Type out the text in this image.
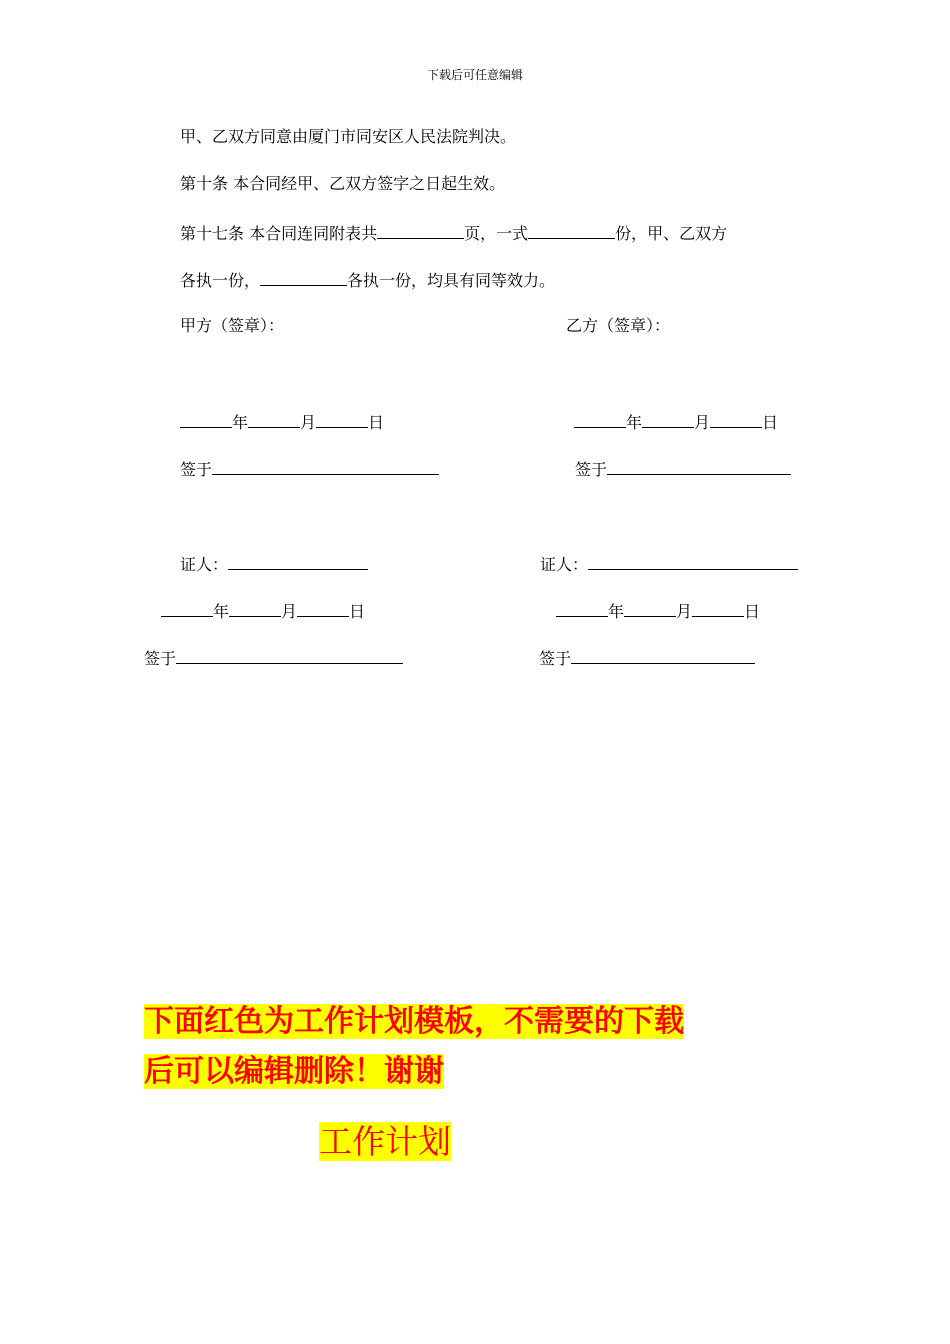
下载后可任意编辑
甲、乙双方同意由厦门市同安区人民法院判决。
第十条 本合同经甲、乙双方签字之日起生效。
第十七条 本合同连同附表共	页，一式	份，甲、乙双方
各执一份，	各执一份，均具有同等效力。
甲方（签章）：	乙方（签章）：
年	月	日	年	月	日
签于	签于
证人：	证人：
年	月	日	年	月	日
签于	签于
下面红色为工作计划模板，不需要的下载
后可以编辑删除！谢谢
工作计划
